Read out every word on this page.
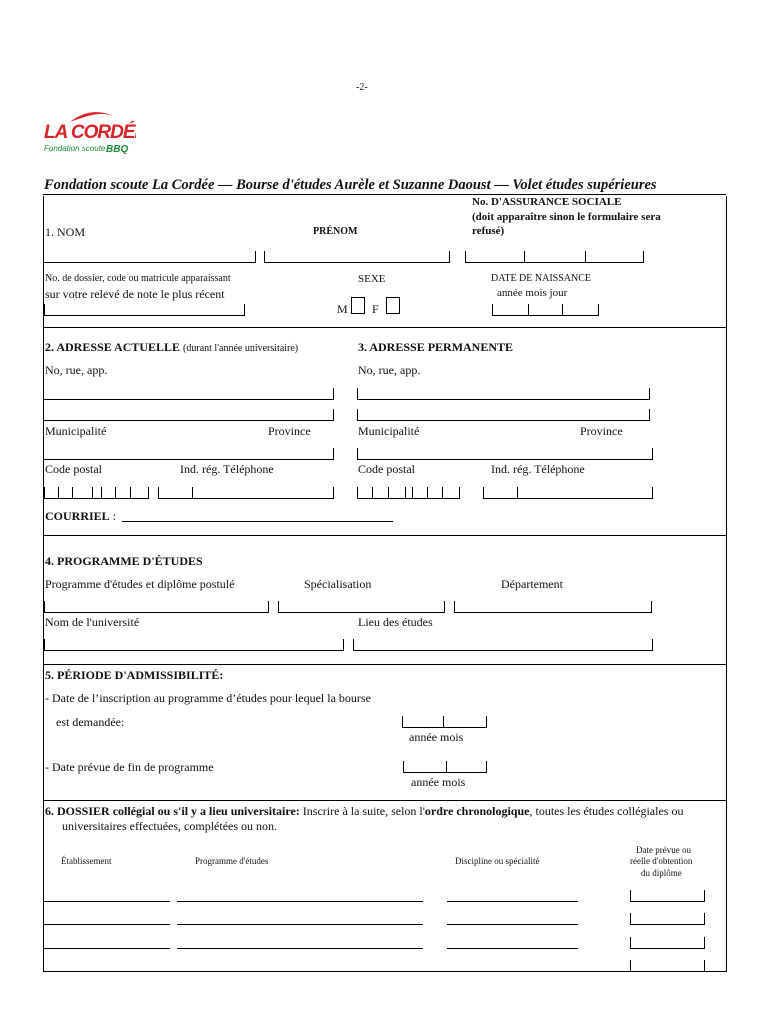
-2-
LA CORDÉE
Fondation scoute BBQ
Fondation scoute La Cordée — Bourse d'études Aurèle et Suzanne Daoust — Volet études supérieures
1. NOM	PRÉNOM
No. D'ASSURANCE SOCIALE
(doit apparaître sinon le formulaire sera
refusé)
No. de dossier, code ou matricule apparaissant
sur votre relevé de note le plus récent
SEXE
M F
DATE DE NAISSANCE
année mois jour
2. ADRESSE ACTUELLE (durant l'année universitaire)
No, rue, app.
Municipalité	Province
Code postal	Ind. rég. Téléphone
3. ADRESSE PERMANENTE
No, rue, app.
Municipalité	Province
Code postal	Ind. rég. Téléphone
COURRIEL :
4. PROGRAMME D'ÉTUDES
Programme d'études et diplôme postulé	Spécialisation	Département
Nom de l'université	Lieu des études
5. PÉRIODE D'ADMISSIBILITÉ:
- Date de l’inscription au programme d’études pour lequel la bourse
est demandée:
année mois
- Date prévue de fin de programme
année mois
6. DOSSIER collégial ou s'il y a lieu universitaire: Inscrire à la suite, selon l'ordre chronologique, toutes les études collégiales ou
universitaires effectuées, complétées ou non.
Établissement	Programme d'études	Discipline ou spécialité
Date prévue ou
réelle d'obtention
du diplôme
